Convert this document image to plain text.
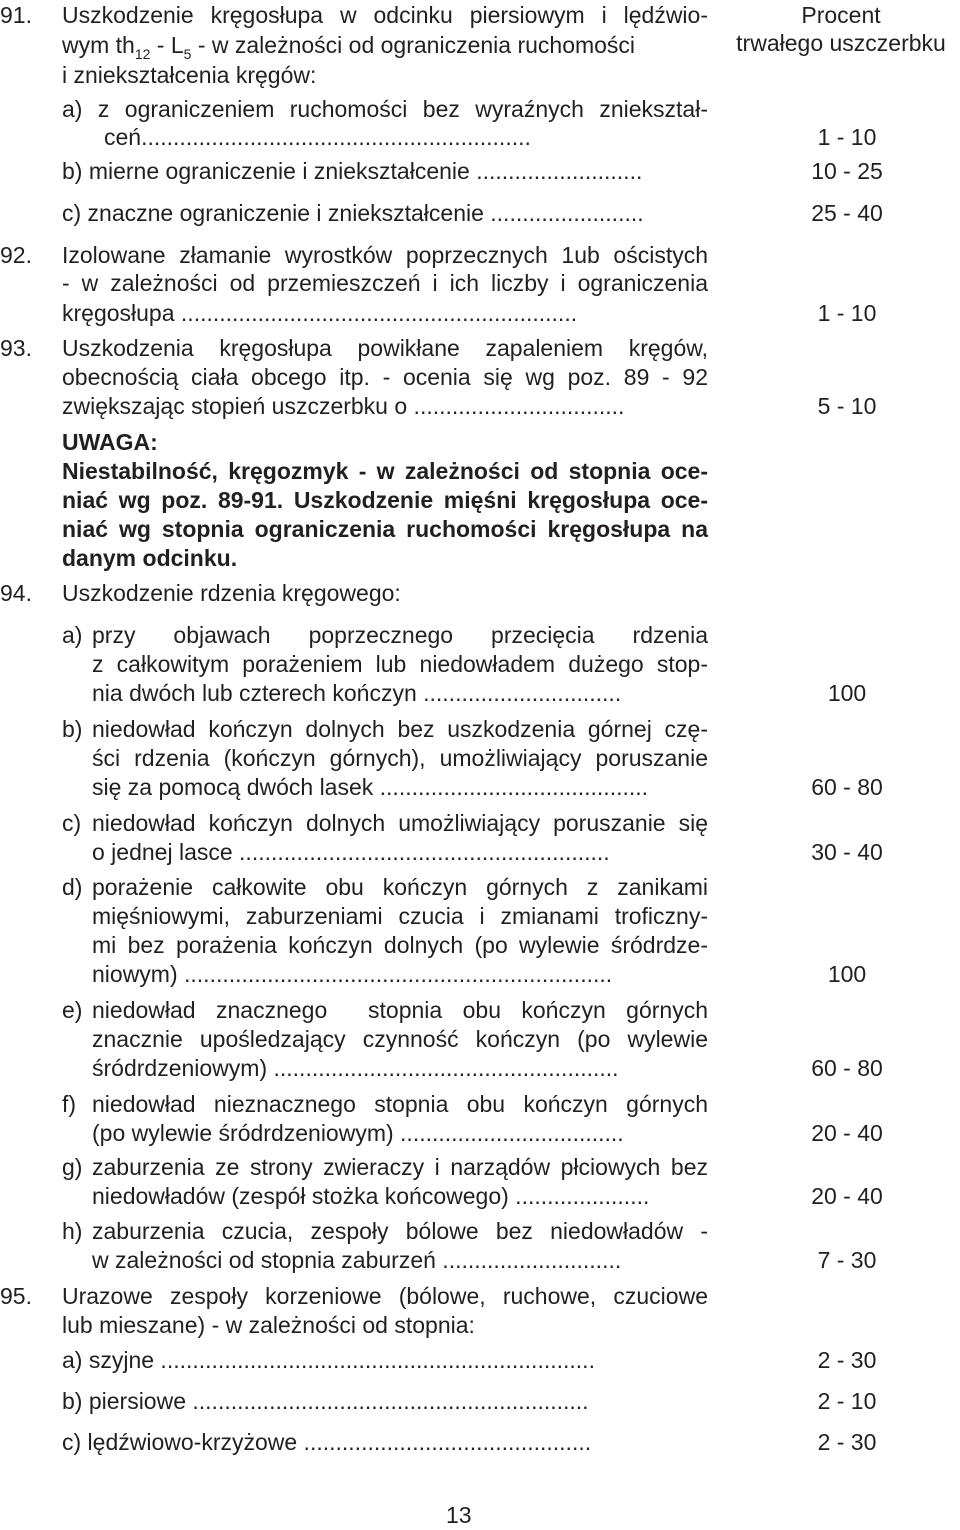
Procent
trwałego uszczerbku
91. Uszkodzenie kręgosłupa w odcinku piersiowym i lędźwio-
wym $th_{12} - L_5$ - w zależności od ograniczenia ruchomości
i zniekształcenia kręgów:
a) z ograniczeniem ruchomości bez wyraźnych zniekształ-
ceń.............................................................	1 - 10
b) mierne ograniczenie i zniekształcenie ..........................	10 - 25
c) znaczne ograniczenie i zniekształcenie ........................	25 - 40
92. Izolowane złamanie wyrostków poprzecznych 1ub ościstych
- w zależności od przemieszczeń i ich liczby i ograniczenia
kręgosłupa ..............................................................	1 - 10
93. Uszkodzenia kręgosłupa powikłane zapaleniem kręgów,
obecnością ciała obcego itp. - ocenia się wg poz. 89 - 92
zwiększając stopień uszczerbku o .................................	5 - 10
UWAGA:
Niestabilność, kręgozmyk - w zależności od stopnia oce-
niać wg poz. 89-91. Uszkodzenie mięśni kręgosłupa oce-
niać wg stopnia ograniczenia ruchomości kręgosłupa na
danym odcinku.
94. Uszkodzenie rdzenia kręgowego:
a) przy objawach poprzecznego przecięcia rdzenia
z całkowitym porażeniem lub niedowładem dużego stop-
nia dwóch lub czterech kończyn ...............................	100
b) niedowład kończyn dolnych bez uszkodzenia górnej czę-
ści rdzenia (kończyn górnych), umożliwiający poruszanie
się za pomocą dwóch lasek ..........................................	60 - 80
c) niedowład kończyn dolnych umożliwiający poruszanie się
o jednej lasce ..........................................................	30 - 40
d) porażenie całkowite obu kończyn górnych z zanikami
mięśniowymi, zaburzeniami czucia i zmianami troficzny-
mi bez porażenia kończyn dolnych (po wylewie śródrdze-
niowym) ...................................................................	100
e) niedowład znacznego  stopnia obu kończyn górnych
znacznie upośledzający czynność kończyn (po wylewie
śródrdzeniowym) ......................................................	60 - 80
f) niedowład nieznacznego stopnia obu kończyn górnych
(po wylewie śródrdzeniowym) ...................................	20 - 40
g) zaburzenia ze strony zwieraczy i narządów płciowych bez
niedowładów (zespół stożka końcowego) .....................	20 - 40
h) zaburzenia czucia, zespoły bólowe bez niedowładów -
w zależności od stopnia zaburzeń ............................	7 - 30
95. Urazowe zespoły korzeniowe (bólowe, ruchowe, czuciowe
lub mieszane) - w zależności od stopnia:
a) szyjne ....................................................................	2 - 30
b) piersiowe ..............................................................	2 - 10
c) lędźwiowo-krzyżowe .............................................	2 - 30
13
